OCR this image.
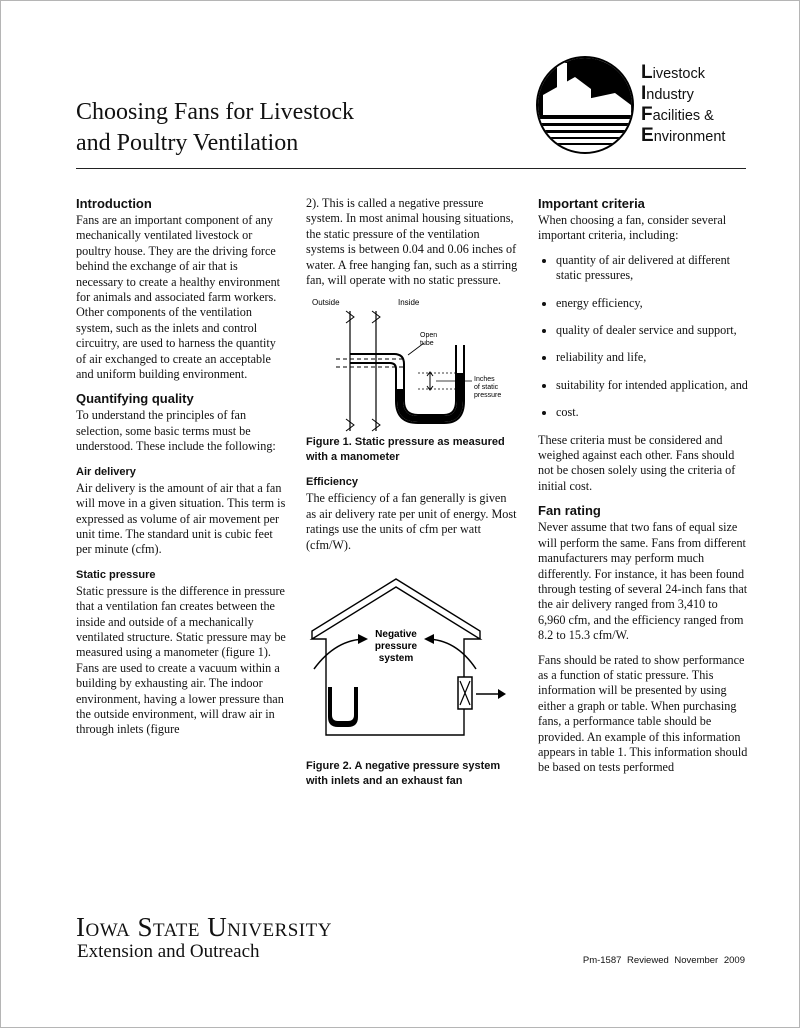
Choosing Fans for Livestock
and Poultry Ventilation
Livestock
Industry
Facilities &
Environment
Introduction

Fans are an important component of any mechanically ventilated livestock or poultry house. They are the driving force behind the exchange of air that is necessary to create a healthy environment for animals and associated farm workers. Other components of the ventilation system, such as the inlets and control circuitry, are used to harness the quantity of air exchanged to create an acceptable and uniform building environment.

Quantifying quality

To understand the principles of fan selection, some basic terms must be understood. These include the following:

Air delivery

Air delivery is the amount of air that a fan will move in a given situation. This term is expressed as volume of air movement per unit time. The standard unit is cubic feet per minute (cfm).

Static pressure

Static pressure is the difference in pressure that a ventilation fan creates between the inside and outside of a mechanically ventilated structure. Static pressure may be measured using a manometer (figure 1). Fans are used to create a vacuum within a building by exhausting air. The indoor environment, having a lower pressure than the outside environment, will draw air in through inlets (figure

2). This is called a negative pressure system. In most animal housing situations, the static pressure of the ventilation systems is between 0.04 and 0.06 inches of water. A free hanging fan, such as a stirring fan, will operate with no static pressure.

Outside	Inside
Open
tube
Inches
of static
pressure

Figure 1. Static pressure as measured with a manometer

Efficiency

The efficiency of a fan generally is given as air delivery rate per unit of energy. Most ratings use the units of cfm per watt (cfm/W).

Negative
pressure
system

Figure 2. A negative pressure system with inlets and an exhaust fan

Important criteria

When choosing a fan, consider several important criteria, including:

• quantity of air delivered at different static pressures,
• energy efficiency,
• quality of dealer service and support,
• reliability and life,
• suitability for intended application, and
• cost.

These criteria must be considered and weighed against each other. Fans should not be chosen solely using the criteria of initial cost.

Fan rating

Never assume that two fans of equal size will perform the same. Fans from different manufacturers may perform much differently. For instance, it has been found through testing of several 24-inch fans that the air delivery ranged from 3,410 to 6,960 cfm, and the efficiency ranged from 8.2 to 15.3 cfm/W.

Fans should be rated to show performance as a function of static pressure. This information will be presented by using either a graph or table. When purchasing fans, a performance table should be provided. An example of this information appears in table 1. This information should be based on tests performed

Iowa State University
Extension and Outreach	Pm-1587 Reviewed November 2009
